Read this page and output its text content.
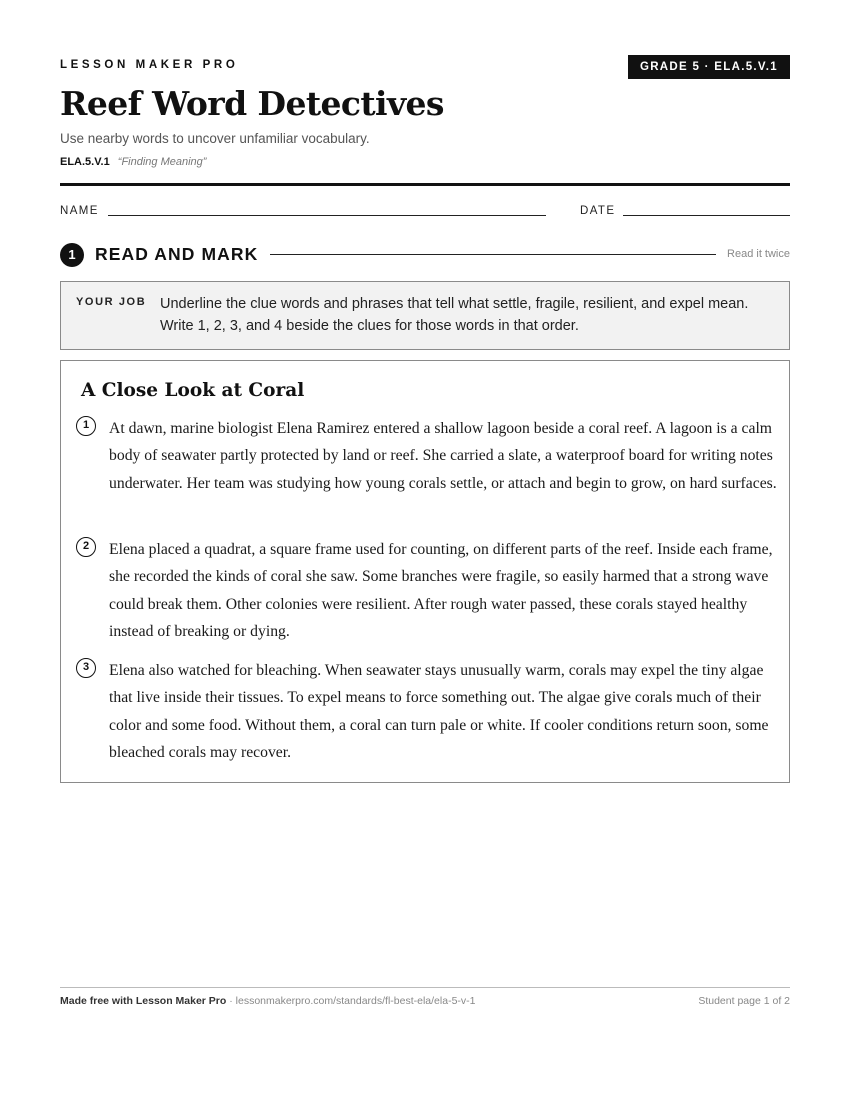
LESSON MAKER PRO	GRADE 5 · ELA.5.V.1
Reef Word Detectives
Use nearby words to uncover unfamiliar vocabulary.
ELA.5.V.1 “Finding Meaning”
NAME	DATE
1	READ AND MARK	Read it twice
YOUR JOB Underline the clue words and phrases that tell what settle, fragile, resilient, and expel mean. Write 1, 2, 3, and 4 beside the clues for those words in that order.
A Close Look at Coral
1	At dawn, marine biologist Elena Ramirez entered a shallow lagoon beside a coral reef. A lagoon is a calm body of seawater partly protected by land or reef. She carried a slate, a waterproof board for writing notes underwater. Her team was studying how young corals settle, or attach and begin to grow, on hard surfaces.

2	Elena placed a quadrat, a square frame used for counting, on different parts of the reef. Inside each frame, she recorded the kinds of coral she saw. Some branches were fragile, so easily harmed that a strong wave could break them. Other colonies were resilient. After rough water passed, these corals stayed healthy instead of breaking or dying.

3	Elena also watched for bleaching. When seawater stays unusually warm, corals may expel the tiny algae that live inside their tissues. To expel means to force something out. The algae give corals much of their color and some food. Without them, a coral can turn pale or white. If cooler conditions return soon, some bleached corals may recover.

Made free with Lesson Maker Pro · lessonmakerpro.com/standards/fl-best-ela/ela-5-v-1	Student page 1 of 2
